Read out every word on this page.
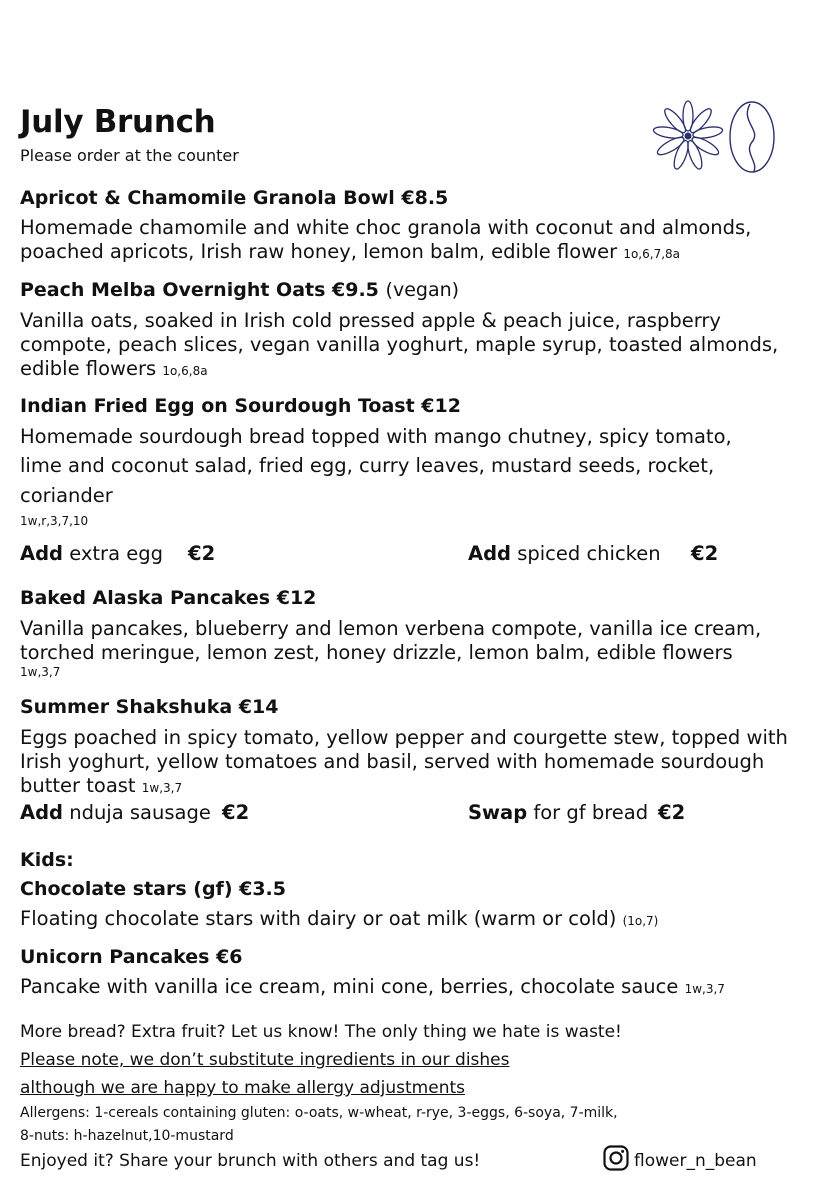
July Brunch
Please order at the counter
Apricot & Chamomile Granola Bowl €8.5
Homemade chamomile and white choc granola with coconut and almonds, poached apricots, Irish raw honey, lemon balm, edible flower 1o,6,7,8a
Peach Melba Overnight Oats €9.5 (vegan)
Vanilla oats, soaked in Irish cold pressed apple & peach juice, raspberry compote, peach slices, vegan vanilla yoghurt, maple syrup, toasted almonds, edible flowers 1o,6,8a
Indian Fried Egg on Sourdough Toast €12
Homemade sourdough bread topped with mango chutney, spicy tomato,
lime and coconut salad, fried egg, curry leaves, mustard seeds, rocket,
coriander
1w,r,3,7,10
Add extra egg €2	Add spiced chicken €2
Baked Alaska Pancakes €12
Vanilla pancakes, blueberry and lemon verbena compote, vanilla ice cream, torched meringue, lemon zest, honey drizzle, lemon balm, edible flowers
1w,3,7
Summer Shakshuka €14
Eggs poached in spicy tomato, yellow pepper and courgette stew, topped with Irish yoghurt, yellow tomatoes and basil, served with homemade sourdough butter toast 1w,3,7
Add nduja sausage €2	Swap for gf bread €2
Kids:
Chocolate stars (gf) €3.5
Floating chocolate stars with dairy or oat milk (warm or cold) (1o,7)
Unicorn Pancakes €6
Pancake with vanilla ice cream, mini cone, berries, chocolate sauce 1w,3,7
More bread? Extra fruit? Let us know! The only thing we hate is waste!
Please note, we don’t substitute ingredients in our dishes
although we are happy to make allergy adjustments
Allergens: 1-cereals containing gluten: o-oats, w-wheat, r-rye, 3-eggs, 6-soya, 7-milk,
8-nuts: h-hazelnut,10-mustard
Enjoyed it? Share your brunch with others and tag us!	flower_n_bean
